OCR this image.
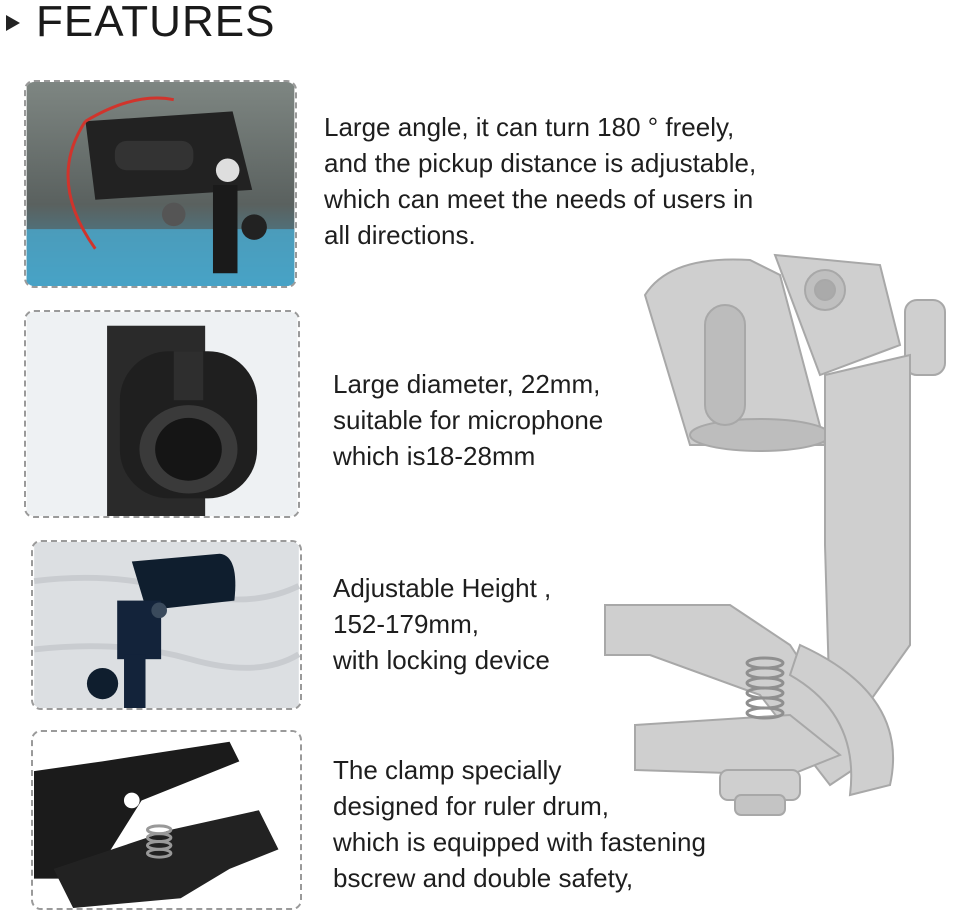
FEATURES
Large angle, it can turn 180 ° freely,
and the pickup distance is adjustable,
which can meet the needs of users in
all directions.
Large diameter, 22mm,
suitable for microphone
which is18-28mm
Adjustable Height ,
152-179mm,
with locking device
The clamp specially
designed for ruler drum,
which is equipped with fastening
bscrew and double safety,
